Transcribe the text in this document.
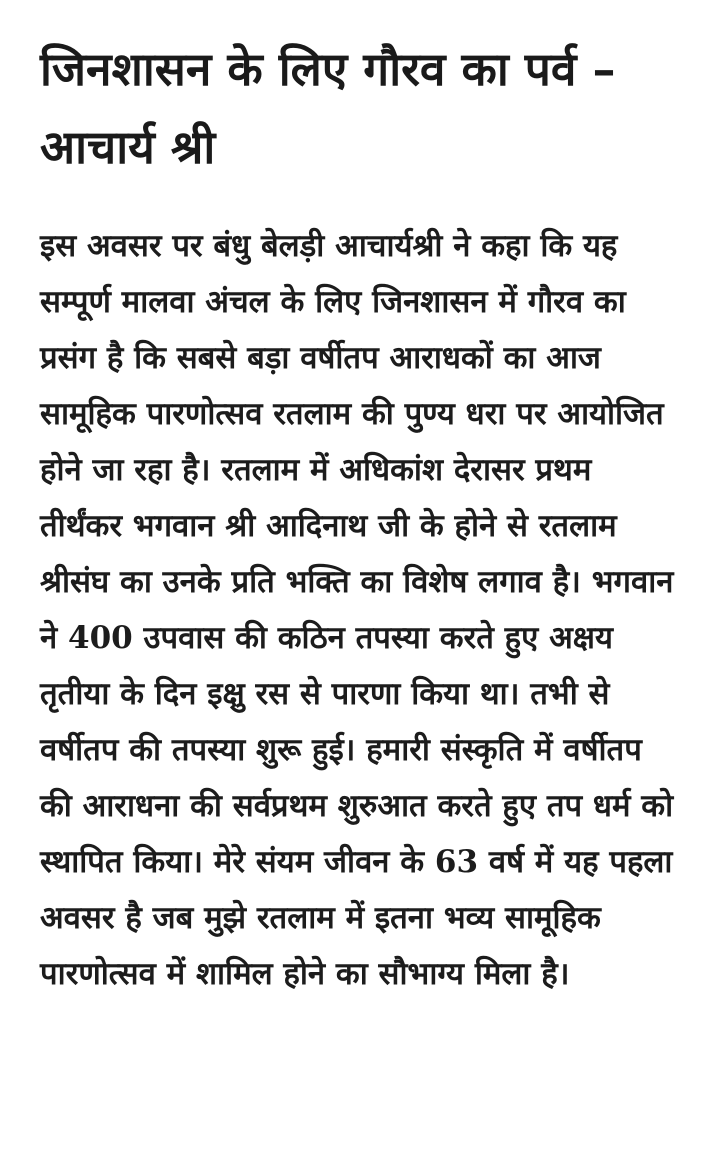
जिनशासन के लिए गौरव का पर्व – आचार्य श्री

इस अवसर पर बंधु बेलड़ी आचार्यश्री ने कहा कि यह सम्पूर्ण मालवा अंचल के लिए जिनशासन में गौरव का प्रसंग है कि सबसे बड़ा वर्षीतप आराधकों का आज सामूहिक पारणोत्सव रतलाम की पुण्य धरा पर आयोजित होने जा रहा है। रतलाम में अधिकांश देरासर प्रथम तीर्थंकर भगवान श्री आदिनाथ जी के होने से रतलाम श्रीसंघ का उनके प्रति भक्ति का विशेष लगाव है। भगवान ने 400 उपवास की कठिन तपस्या करते हुए अक्षय तृतीया के दिन इक्षु रस से पारणा किया था। तभी से वर्षीतप की तपस्या शुरू हुई। हमारी संस्कृति में वर्षीतप की आराधना की सर्वप्रथम शुरुआत करते हुए तप धर्म को स्थापित किया। मेरे संयम जीवन के 63 वर्ष में यह पहला अवसर है जब मुझे रतलाम में इतना भव्य सामूहिक पारणोत्सव में शामिल होने का सौभाग्य मिला है।
